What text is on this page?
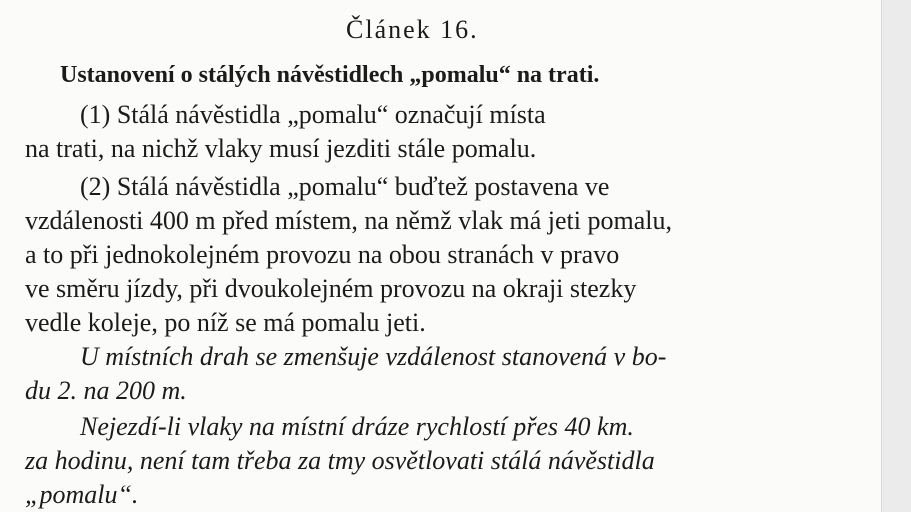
Článek 16.
Ustanovení o stálých návěstidlech „pomalu“ na trati.
(1) Stálá návěstidla „pomalu“ označují místa
na trati, na nichž vlaky musí jezditi stále pomalu.
(2) Stálá návěstidla „pomalu“ buďtež postavena ve
vzdálenosti 400 m před místem, na němž vlak má jeti pomalu,
a to při jednokolejném provozu na obou stranách v pravo
ve směru jízdy, při dvoukolejném provozu na okraji stezky
vedle koleje, po níž se má pomalu jeti.
U místních drah se zmenšuje vzdálenost stanovená v bo-
du 2. na 200 m.
Nejezdí-li vlaky na místní dráze rychlostí přes 40 km.
za hodinu, není tam třeba za tmy osvětlovati stálá návěstidla
„pomalu“.
